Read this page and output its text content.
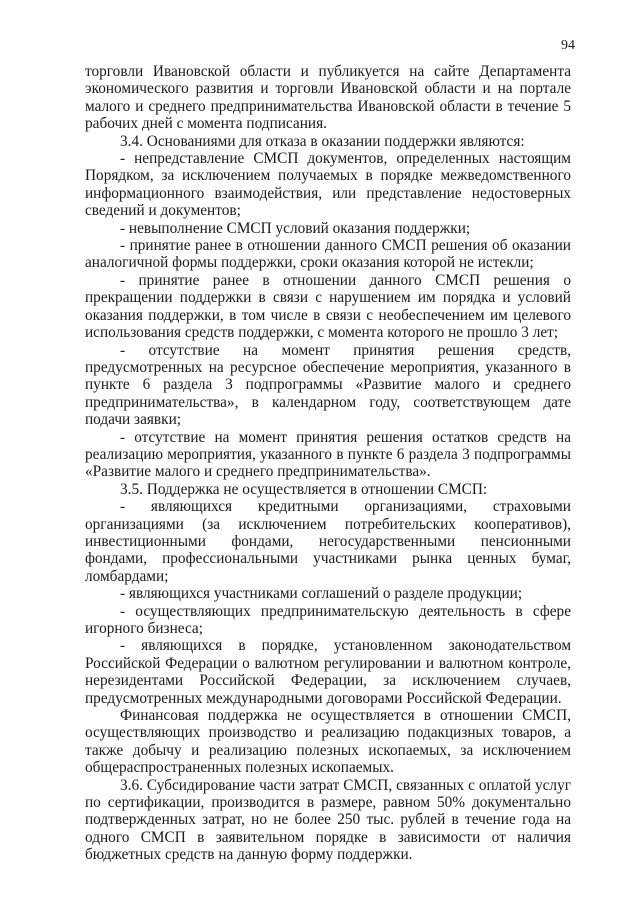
94

торговли Ивановской области и публикуется на сайте Департамента экономического развития и торговли Ивановской области и на портале малого и среднего предпринимательства Ивановской области в течение 5 рабочих дней с момента подписания.

3.4. Основаниями для отказа в оказании поддержки являются:

- непредставление СМСП документов, определенных настоящим Порядком, за исключением получаемых в порядке межведомственного информационного взаимодействия, или представление недостоверных сведений и документов;

- невыполнение СМСП условий оказания поддержки;

- принятие ранее в отношении данного СМСП решения об оказании аналогичной формы поддержки, сроки оказания которой не истекли;

- принятие ранее в отношении данного СМСП решения о прекращении поддержки в связи с нарушением им порядка и условий оказания поддержки, в том числе в связи с необеспечением им целевого использования средств поддержки, с момента которого не прошло 3 лет;

- отсутствие на момент принятия решения средств, предусмотренных на ресурсное обеспечение мероприятия, указанного в пункте 6 раздела 3 подпрограммы «Развитие малого и среднего предпринимательства», в календарном году, соответствующем дате подачи заявки;

- отсутствие на момент принятия решения остатков средств на реализацию мероприятия, указанного в пункте 6 раздела 3 подпрограммы «Развитие малого и среднего предпринимательства».

3.5. Поддержка не осуществляется в отношении СМСП:

- являющихся кредитными организациями, страховыми организациями (за исключением потребительских кооперативов), инвестиционными фондами, негосударственными пенсионными фондами, профессиональными участниками рынка ценных бумаг, ломбардами;

- являющихся участниками соглашений о разделе продукции;

- осуществляющих предпринимательскую деятельность в сфере игорного бизнеса;

- являющихся в порядке, установленном законодательством Российской Федерации о валютном регулировании и валютном контроле, нерезидентами Российской Федерации, за исключением случаев, предусмотренных международными договорами Российской Федерации.

Финансовая поддержка не осуществляется в отношении СМСП, осуществляющих производство и реализацию подакцизных товаров, а также добычу и реализацию полезных ископаемых, за исключением общераспространенных полезных ископаемых.

3.6. Субсидирование части затрат СМСП, связанных с оплатой услуг по сертификации, производится в размере, равном 50% документально подтвержденных затрат, но не более 250 тыс. рублей в течение года на одного СМСП в заявительном порядке в зависимости от наличия бюджетных средств на данную форму поддержки.
